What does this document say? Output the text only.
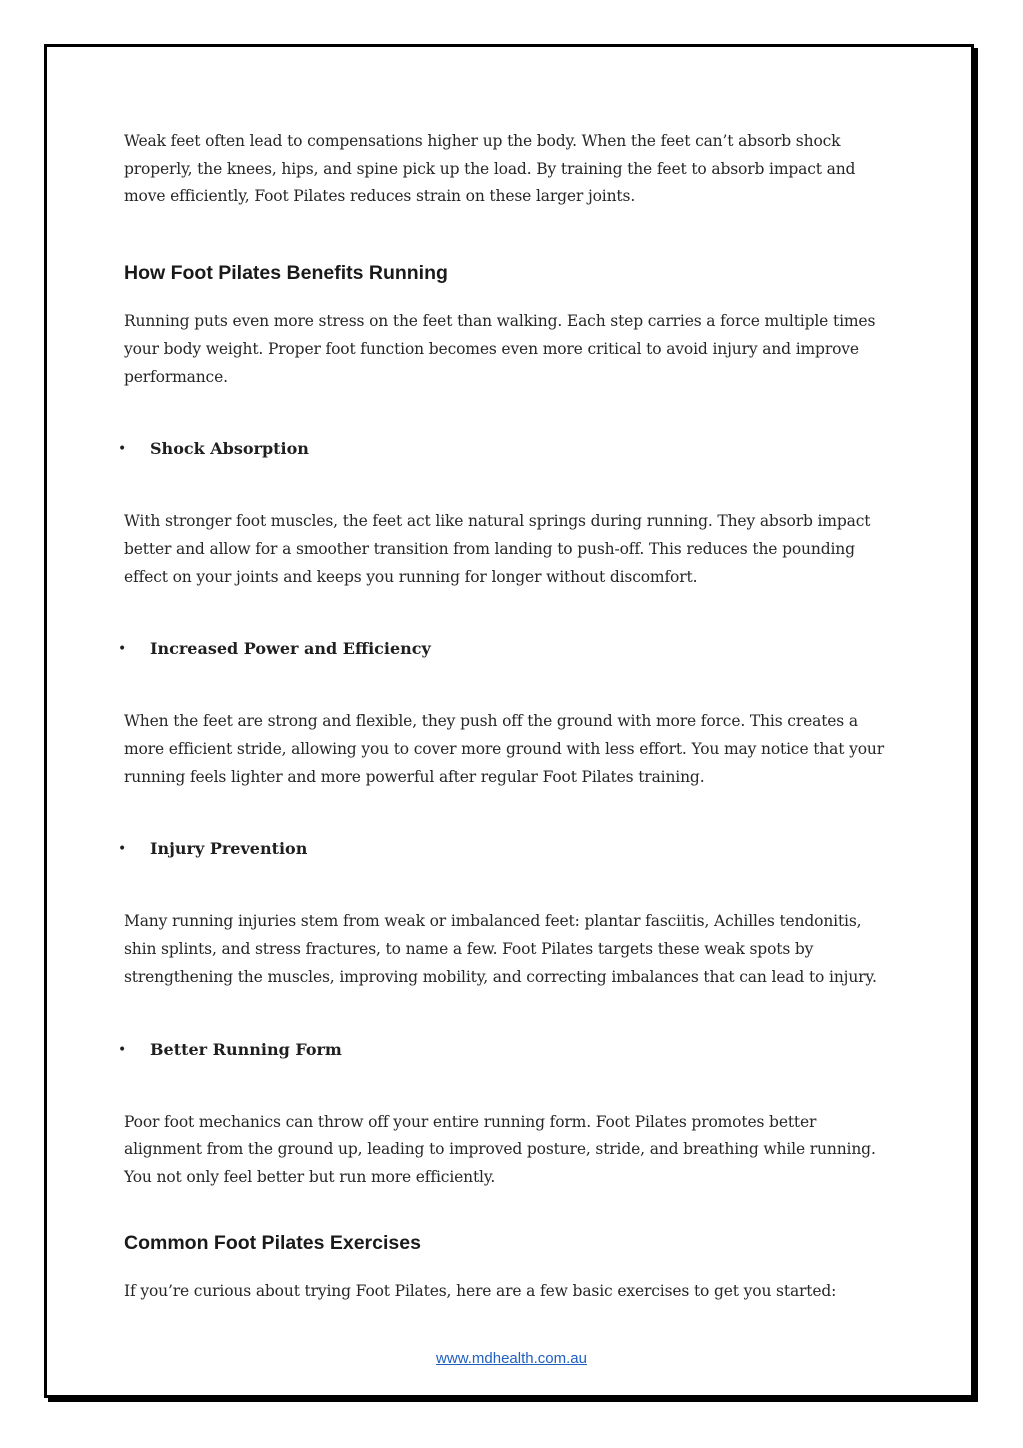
Weak feet often lead to compensations higher up the body. When the feet can’t absorb shock properly, the knees, hips, and spine pick up the load. By training the feet to absorb impact and move efficiently, Foot Pilates reduces strain on these larger joints.

How Foot Pilates Benefits Running

Running puts even more stress on the feet than walking. Each step carries a force multiple times your body weight. Proper foot function becomes even more critical to avoid injury and improve performance.

• Shock Absorption

With stronger foot muscles, the feet act like natural springs during running. They absorb impact better and allow for a smoother transition from landing to push-off. This reduces the pounding effect on your joints and keeps you running for longer without discomfort.

• Increased Power and Efficiency

When the feet are strong and flexible, they push off the ground with more force. This creates a more efficient stride, allowing you to cover more ground with less effort. You may notice that your running feels lighter and more powerful after regular Foot Pilates training.

• Injury Prevention

Many running injuries stem from weak or imbalanced feet: plantar fasciitis, Achilles tendonitis, shin splints, and stress fractures, to name a few. Foot Pilates targets these weak spots by strengthening the muscles, improving mobility, and correcting imbalances that can lead to injury.

• Better Running Form

Poor foot mechanics can throw off your entire running form. Foot Pilates promotes better alignment from the ground up, leading to improved posture, stride, and breathing while running. You not only feel better but run more efficiently.

Common Foot Pilates Exercises

If you’re curious about trying Foot Pilates, here are a few basic exercises to get you started:

www.mdhealth.com.au
